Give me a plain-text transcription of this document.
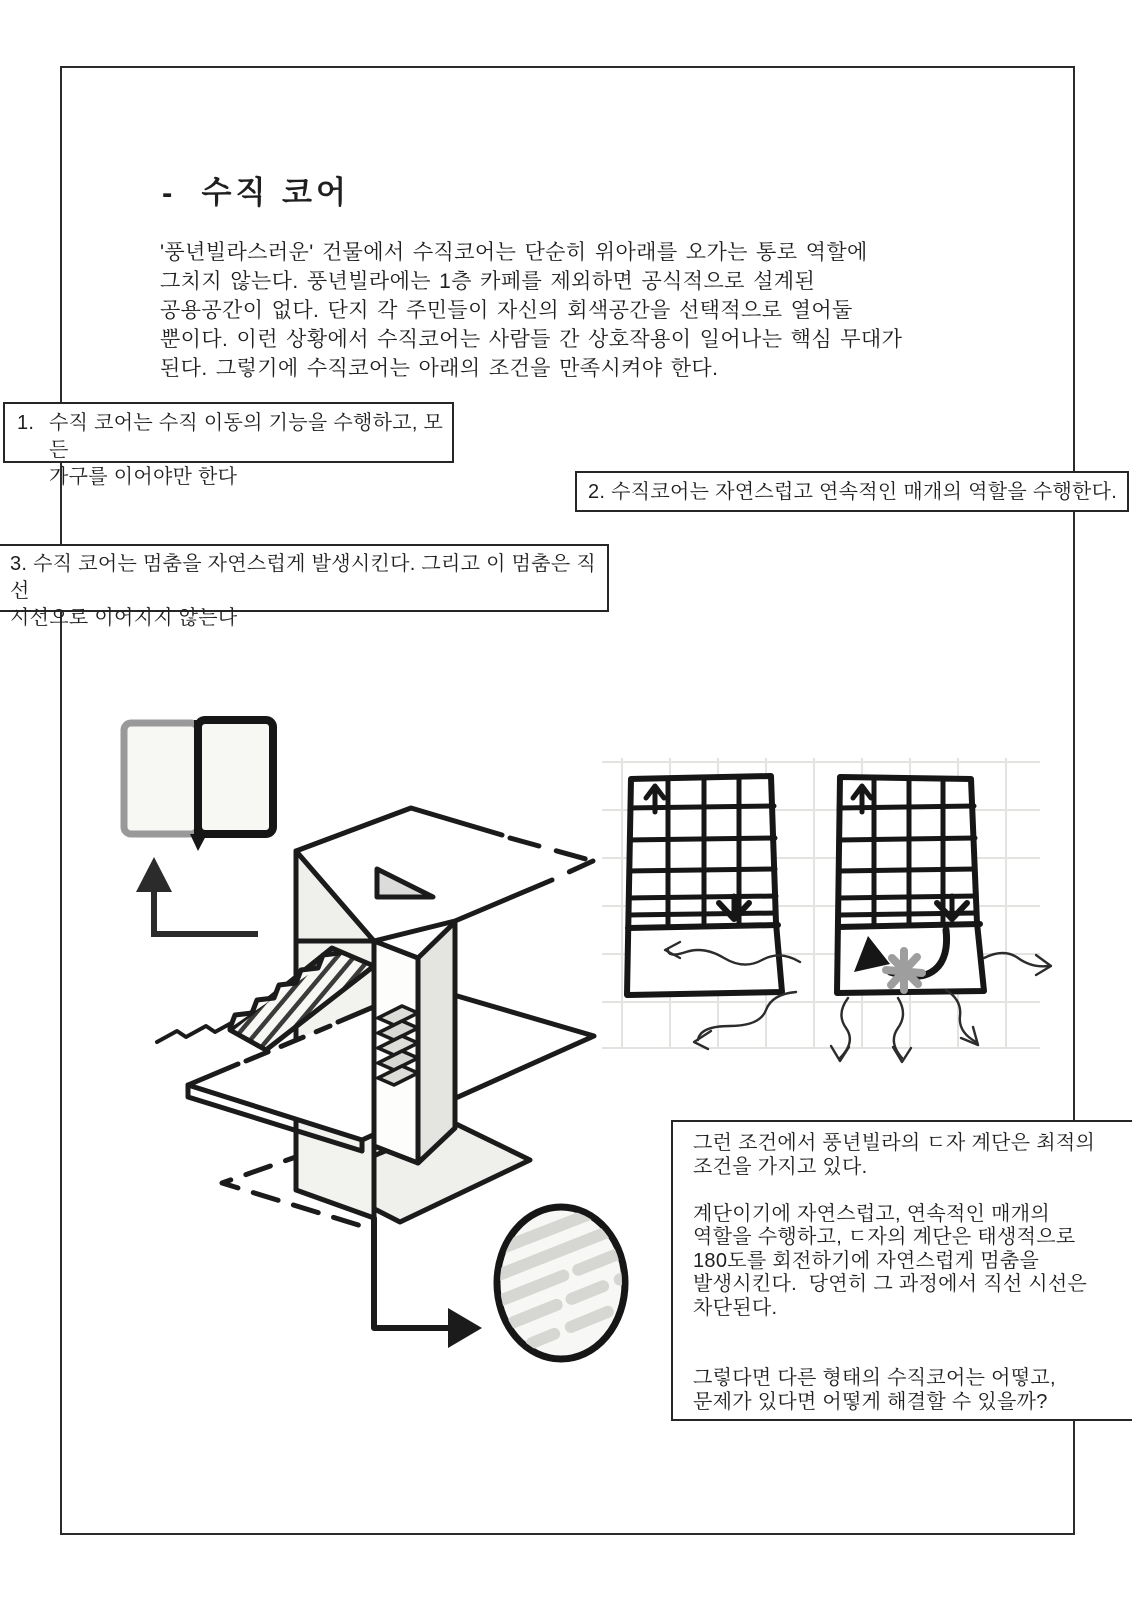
-  수직 코어
'풍년빌라스러운' 건물에서 수직코어는 단순히 위아래를 오가는 통로 역할에
그치지 않는다. 풍년빌라에는 1층 카페를 제외하면 공식적으로 설계된
공용공간이 없다. 단지 각 주민들이 자신의 회색공간을 선택적으로 열어둘
뿐이다. 이런 상황에서 수직코어는 사람들 간 상호작용이 일어나는 핵심 무대가
된다. 그렇기에 수직코어는 아래의 조건을 만족시켜야 한다.
1. 수직 코어는 수직 이동의 기능을 수행하고, 모든
가구를 이어야만 한다
2. 수직코어는 자연스럽고 연속적인 매개의 역할을 수행한다.
3. 수직 코어는 멈춤을 자연스럽게 발생시킨다. 그리고 이 멈춤은 직선
시선으로 이어지지 않는다
그런 조건에서 풍년빌라의 ㄷ자 계단은 최적의
조건을 가지고 있다.
계단이기에 자연스럽고, 연속적인 매개의
역할을 수행하고, ㄷ자의 계단은 태생적으로
180도를 회전하기에 자연스럽게 멈춤을
발생시킨다.  당연히 그 과정에서 직선 시선은
차단된다.
그렇다면 다른 형태의 수직코어는 어떻고,
문제가 있다면 어떻게 해결할 수 있을까?
